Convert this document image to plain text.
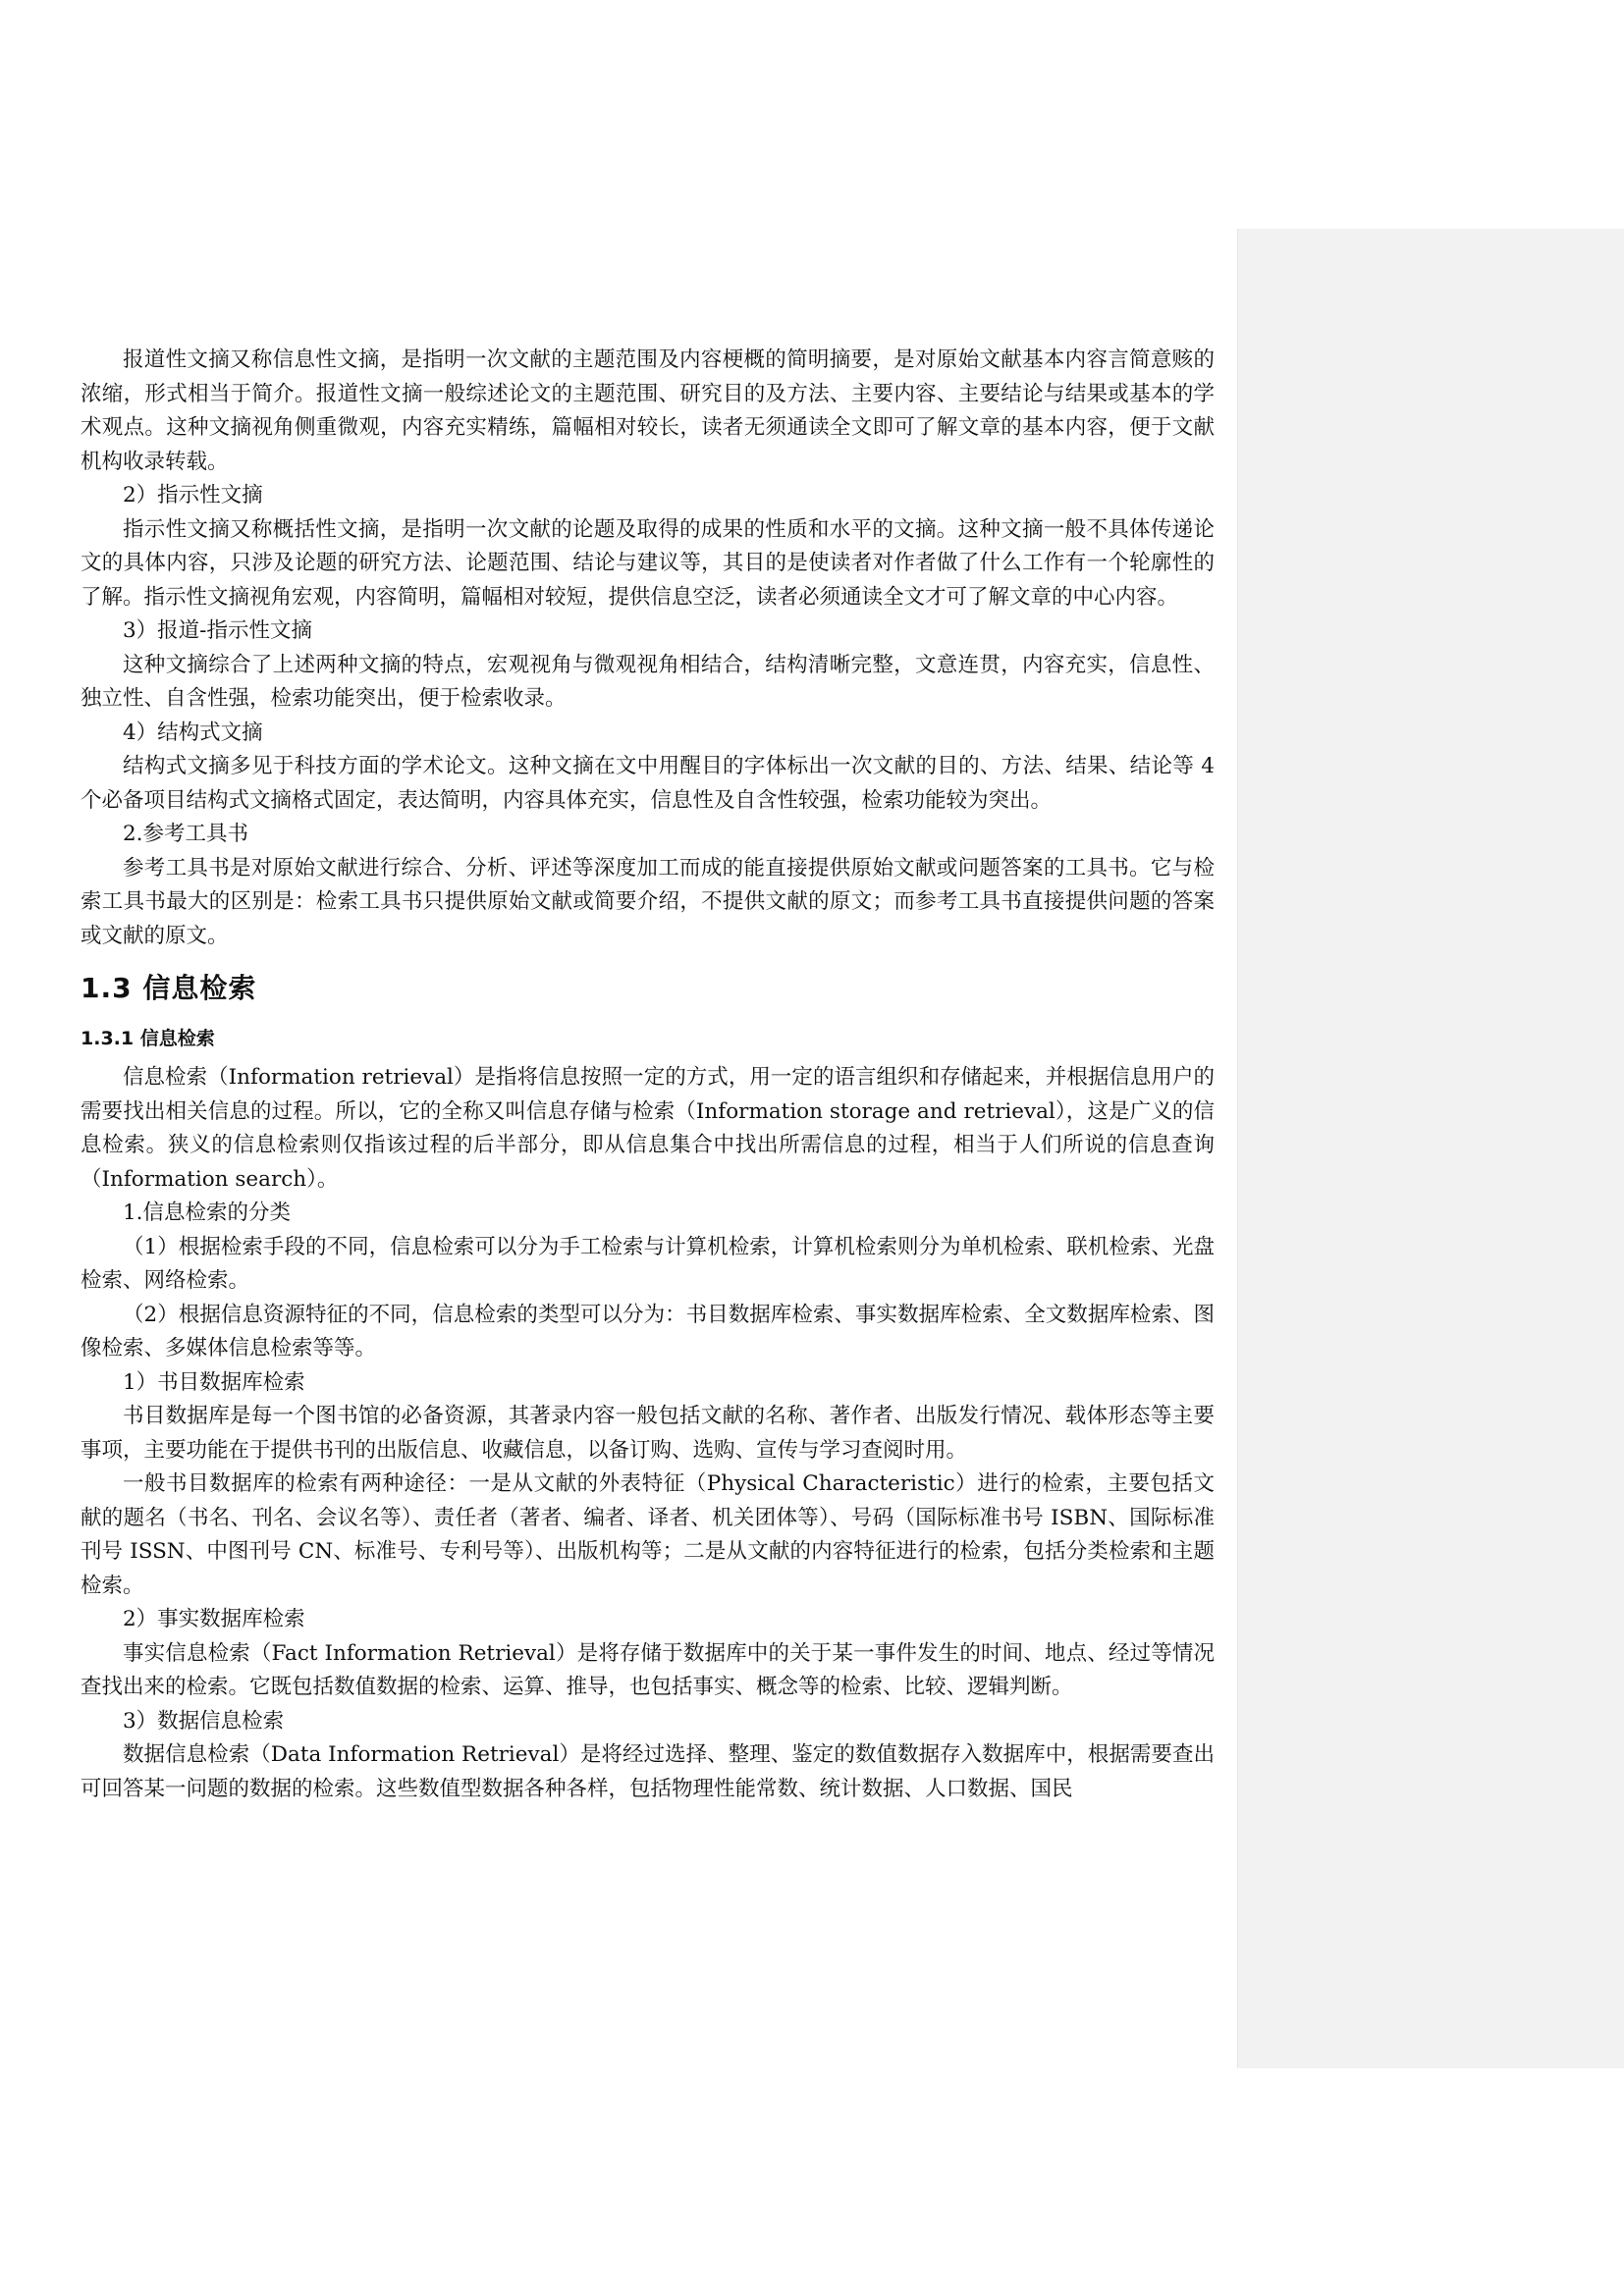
报道性文摘又称信息性文摘，是指明一次文献的主题范围及内容梗概的简明摘要，是对原始文献基本内容言简意赅的浓缩，形式相当于简介。报道性文摘一般综述论文的主题范围、研究目的及方法、主要内容、主要结论与结果或基本的学术观点。这种文摘视角侧重微观，内容充实精练，篇幅相对较长，读者无须通读全文即可了解文章的基本内容，便于文献机构收录转载。

2）指示性文摘

指示性文摘又称概括性文摘，是指明一次文献的论题及取得的成果的性质和水平的文摘。这种文摘一般不具体传递论文的具体内容，只涉及论题的研究方法、论题范围、结论与建议等，其目的是使读者对作者做了什么工作有一个轮廓性的了解。指示性文摘视角宏观，内容简明，篇幅相对较短，提供信息空泛，读者必须通读全文才可了解文章的中心内容。

3）报道-指示性文摘

这种文摘综合了上述两种文摘的特点，宏观视角与微观视角相结合，结构清晰完整，文意连贯，内容充实，信息性、独立性、自含性强，检索功能突出，便于检索收录。

4）结构式文摘

结构式文摘多见于科技方面的学术论文。这种文摘在文中用醒目的字体标出一次文献的目的、方法、结果、结论等 4 个必备项目结构式文摘格式固定，表达简明，内容具体充实，信息性及自含性较强，检索功能较为突出。

2.参考工具书

参考工具书是对原始文献进行综合、分析、评述等深度加工而成的能直接提供原始文献或问题答案的工具书。它与检索工具书最大的区别是：检索工具书只提供原始文献或简要介绍，不提供文献的原文；而参考工具书直接提供问题的答案或文献的原文。

1.3 信息检索
1.3.1 信息检索

信息检索（Information retrieval）是指将信息按照一定的方式，用一定的语言组织和存储起来，并根据信息用户的需要找出相关信息的过程。所以，它的全称又叫信息存储与检索（Information storage and retrieval），这是广义的信息检索。狭义的信息检索则仅指该过程的后半部分，即从信息集合中找出所需信息的过程，相当于人们所说的信息查询（Information search）。

1.信息检索的分类

（1）根据检索手段的不同，信息检索可以分为手工检索与计算机检索，计算机检索则分为单机检索、联机检索、光盘检索、网络检索。

（2）根据信息资源特征的不同，信息检索的类型可以分为：书目数据库检索、事实数据库检索、全文数据库检索、图像检索、多媒体信息检索等等。

1）书目数据库检索

书目数据库是每一个图书馆的必备资源，其著录内容一般包括文献的名称、著作者、出版发行情况、载体形态等主要事项，主要功能在于提供书刊的出版信息、收藏信息，以备订购、选购、宣传与学习查阅时用。

一般书目数据库的检索有两种途径：一是从文献的外表特征（Physical Characteristic）进行的检索，主要包括文献的题名（书名、刊名、会议名等）、责任者（著者、编者、译者、机关团体等）、号码（国际标准书号 ISBN、国际标准刊号 ISSN、中图刊号 CN、标准号、专利号等）、出版机构等；二是从文献的内容特征进行的检索，包括分类检索和主题检索。

2）事实数据库检索

事实信息检索（Fact Information Retrieval）是将存储于数据库中的关于某一事件发生的时间、地点、经过等情况查找出来的检索。它既包括数值数据的检索、运算、推导，也包括事实、概念等的检索、比较、逻辑判断。

3）数据信息检索

数据信息检索（Data Information Retrieval）是将经过选择、整理、鉴定的数值数据存入数据库中，根据需要查出可回答某一问题的数据的检索。这些数值型数据各种各样，包括物理性能常数、统计数据、人口数据、国民
